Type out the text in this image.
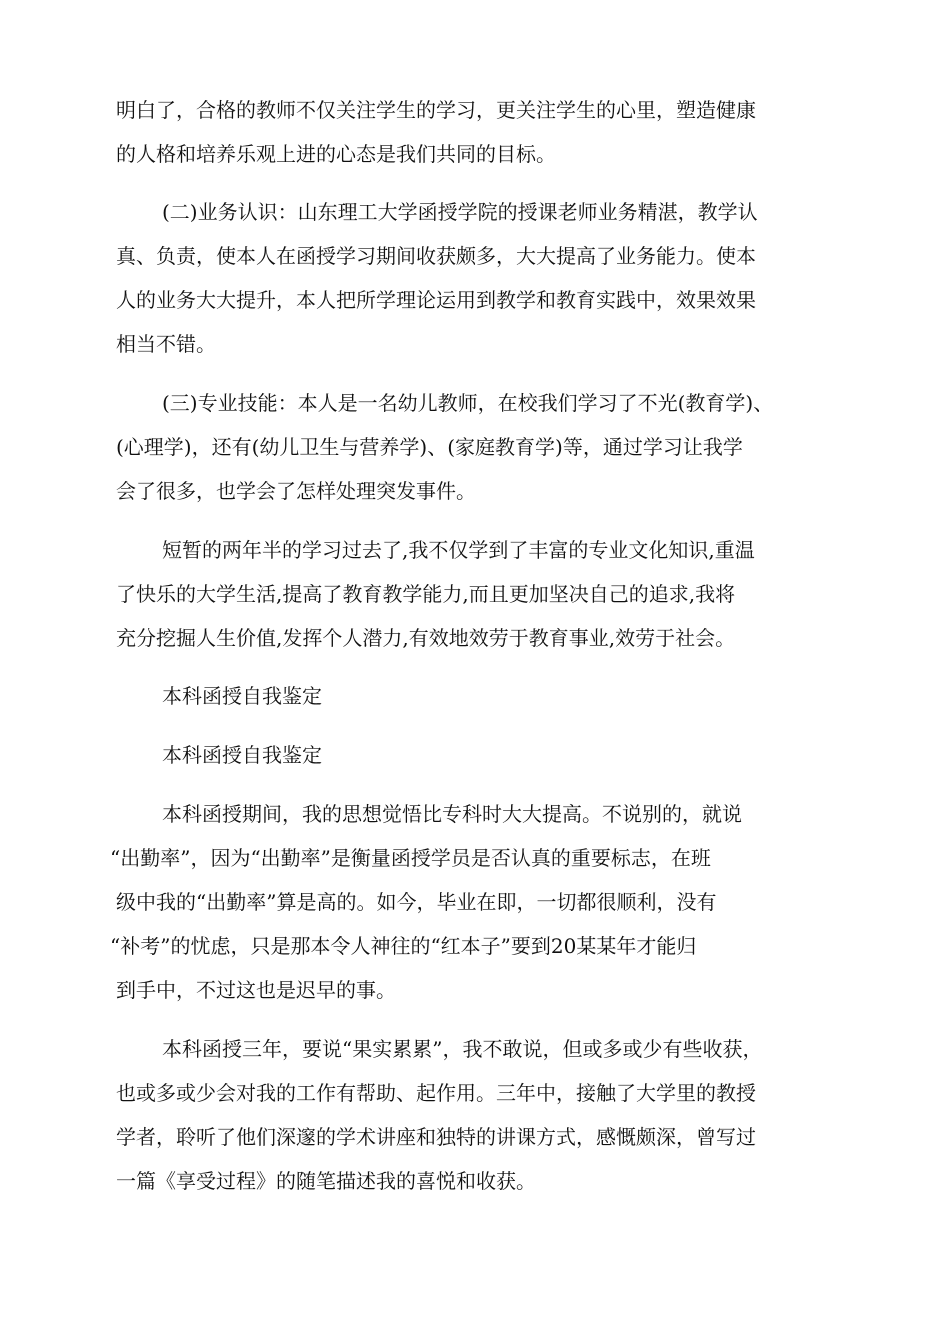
明白了，合格的教师不仅关注学生的学习，更关注学生的心里，塑造健康
的人格和培养乐观上进的心态是我们共同的目标。
(二)业务认识：山东理工大学函授学院的授课老师业务精湛，教学认
真、负责，使本人在函授学习期间收获颇多，大大提高了业务能力。使本
人的业务大大提升，本人把所学理论运用到教学和教育实践中，效果效果
相当不错。
(三)专业技能：本人是一名幼儿教师，在校我们学习了不光(教育学)、
(心理学)，还有(幼儿卫生与营养学)、(家庭教育学)等，通过学习让我学
会了很多，也学会了怎样处理突发事件。
短暂的两年半的学习过去了,我不仅学到了丰富的专业文化知识,重温
了快乐的大学生活,提高了教育教学能力,而且更加坚决自己的追求,我将
充分挖掘人生价值,发挥个人潜力,有效地效劳于教育事业,效劳于社会。
本科函授自我鉴定
本科函授自我鉴定
本科函授期间，我的思想觉悟比专科时大大提高。不说别的，就说
“出勤率”，因为“出勤率”是衡量函授学员是否认真的重要标志，在班
级中我的“出勤率”算是高的。如今，毕业在即，一切都很顺利，没有
“补考”的忧虑，只是那本令人神往的“红本子”要到20某某年才能归
到手中，不过这也是迟早的事。
本科函授三年，要说“果实累累”，我不敢说，但或多或少有些收获，
也或多或少会对我的工作有帮助、起作用。三年中，接触了大学里的教授
学者，聆听了他们深邃的学术讲座和独特的讲课方式，感慨颇深，曾写过
一篇《享受过程》的随笔描述我的喜悦和收获。
